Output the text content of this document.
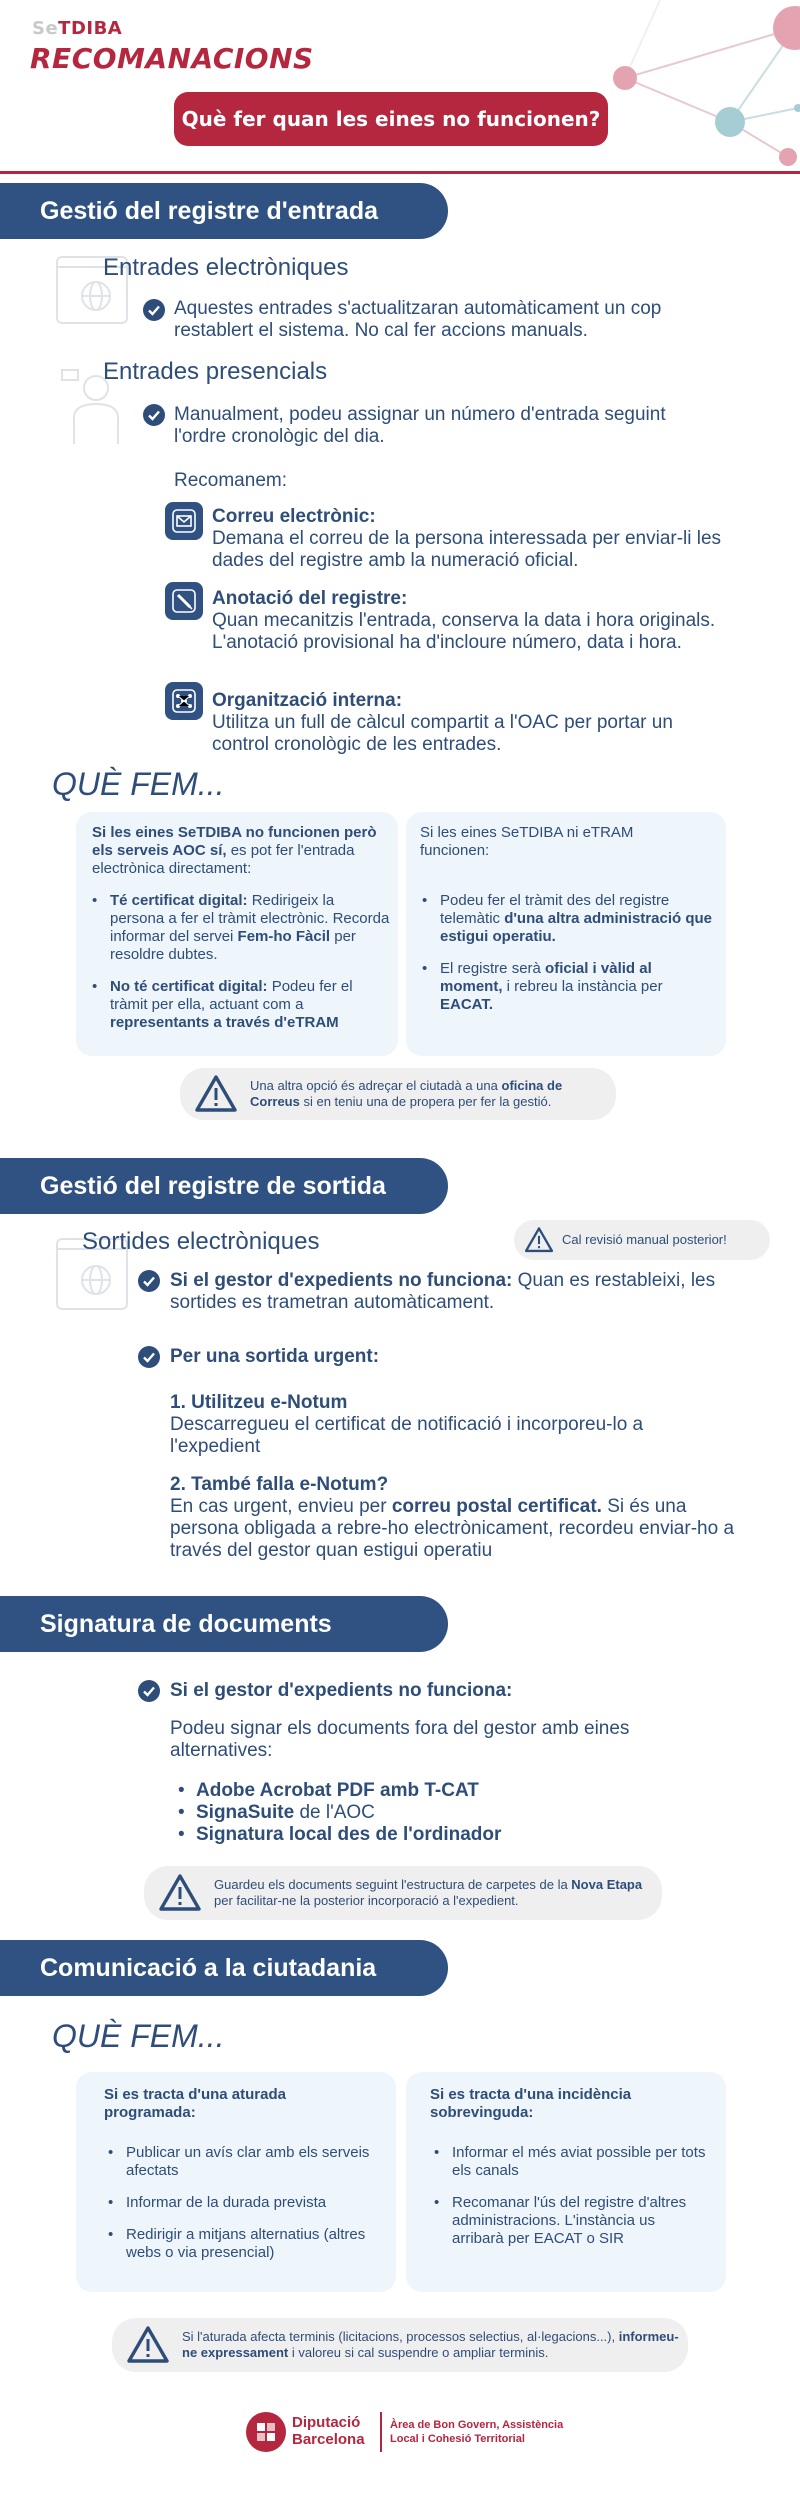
SeTDIBA
RECOMANACIONS
Què fer quan les eines no funcionen?
Gestió del registre d'entrada
Entrades electròniques
Aquestes entrades s'actualitzaran automàticament un cop restablert el sistema. No cal fer accions manuals.
Entrades presencials
Manualment, podeu assignar un número d'entrada seguint l'ordre cronològic del dia.
Recomanem:
Correu electrònic:
Demana el correu de la persona interessada per enviar-li les dades del registre amb la numeració oficial.
Anotació del registre:
Quan mecanitzis l'entrada, conserva la data i hora originals. L'anotació provisional ha d'incloure número, data i hora.
Organització interna:
Utilitza un full de càlcul compartit a l'OAC per portar un control cronològic de les entrades.
QUÈ FEM...
Si les eines SeTDIBA no funcionen però els serveis AOC sí, es pot fer l'entrada electrònica directament:
• Té certificat digital: Redirigeix la persona a fer el tràmit electrònic. Recorda informar del servei Fem-ho Fàcil per resoldre dubtes.
• No té certificat digital: Podeu fer el tràmit per ella, actuant com a representants a través d'eTRAM
Si les eines SeTDIBA ni eTRAM funcionen:
• Podeu fer el tràmit des del registre telemàtic d'una altra administració que estigui operatiu.
• El registre serà oficial i vàlid al moment, i rebreu la instància per EACAT.
Una altra opció és adreçar el ciutadà a una oficina de Correus si en teniu una de propera per fer la gestió.
Gestió del registre de sortida
Sortides electròniques	Cal revisió manual posterior!
Si el gestor d'expedients no funciona: Quan es restableixi, les sortides es trametran automàticament.
Per una sortida urgent:
1. Utilitzeu e-Notum
Descarregueu el certificat de notificació i incorporeu-lo a l'expedient
2. També falla e-Notum?
En cas urgent, envieu per correu postal certificat. Si és una persona obligada a rebre-ho electrònicament, recordeu enviar-ho a través del gestor quan estigui operatiu
Signatura de documents
Si el gestor d'expedients no funciona:
Podeu signar els documents fora del gestor amb eines alternatives:
• Adobe Acrobat PDF amb T-CAT
• SignaSuite de l'AOC
• Signatura local des de l'ordinador
Guardeu els documents seguint l'estructura de carpetes de la Nova Etapa per facilitar-ne la posterior incorporació a l'expedient.
Comunicació a la ciutadania
QUÈ FEM...
Si es tracta d'una aturada programada:
• Publicar un avís clar amb els serveis afectats
• Informar de la durada prevista
• Redirigir a mitjans alternatius (altres webs o via presencial)
Si es tracta d'una incidència sobrevinguda:
• Informar el més aviat possible per tots els canals
• Recomanar l'ús del registre d'altres administracions. L'instància us arribarà per EACAT o SIR
Si l'aturada afecta terminis (licitacions, processos selectius, al·legacions...), informeu-ne expressament i valoreu si cal suspendre o ampliar terminis.
Diputació
Barcelona
Àrea de Bon Govern, Assistència
Local i Cohesió Territorial
